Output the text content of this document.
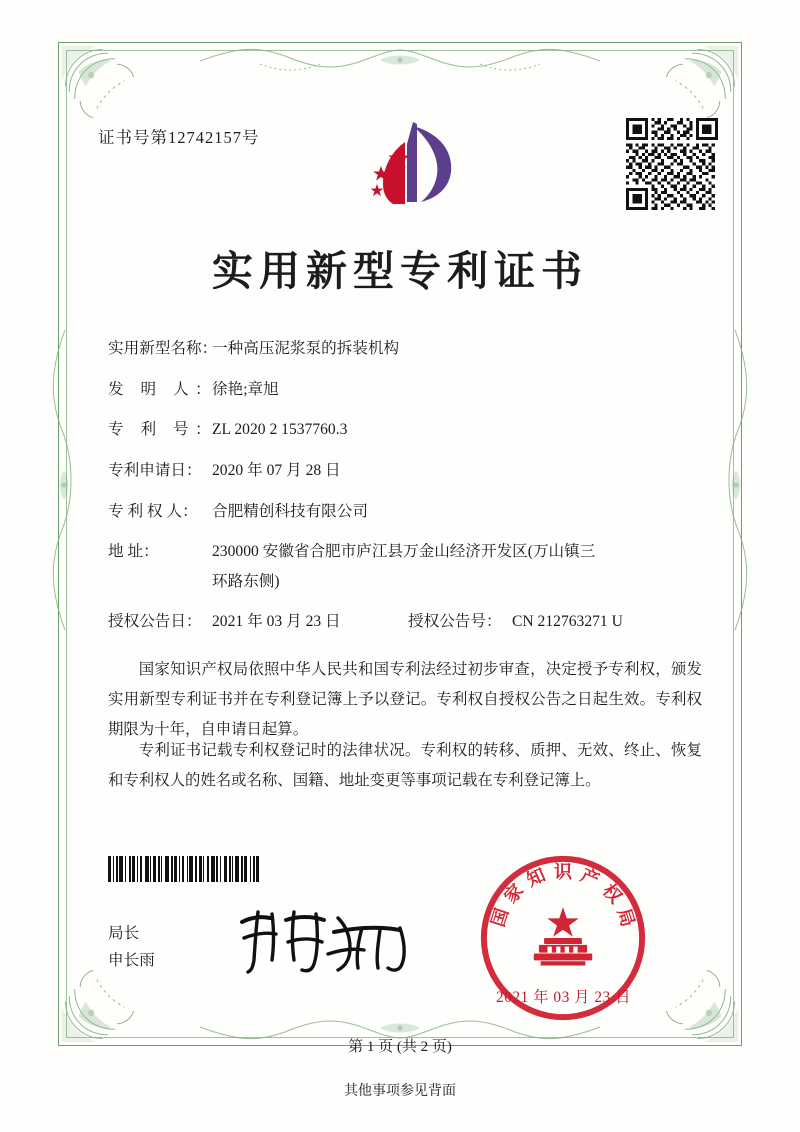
证书号第12742157号
实用新型专利证书
实用新型名称：
一种高压泥浆泵的拆装机构
发 明 人：
徐艳;章旭
专 利 号：
ZL 2020 2 1537760.3
专利申请日： 2020 年 07 月 28 日
专 利 权 人： 合肥精创科技有限公司
地 址：	230000 安徽省合肥市庐江县万金山经济开发区(万山镇三
环路东侧)
授权公告日： 2021 年 03 月 23 日	授权公告号： CN 212763271 U
国家知识产权局依照中华人民共和国专利法经过初步审查，决定授予专利权，颁发实用新型专利证书并在专利登记簿上予以登记。专利权自授权公告之日起生效。专利权期限为十年，自申请日起算。
专利证书记载专利权登记时的法律状况。专利权的转移、质押、无效、终止、恢复和专利权人的姓名或名称、国籍、地址变更等事项记载在专利登记簿上。
局长
申长雨
国
家
知 识 产
权
局
2021 年 03 月 23 日
第 1 页 (共 2 页)
其他事项参见背面
